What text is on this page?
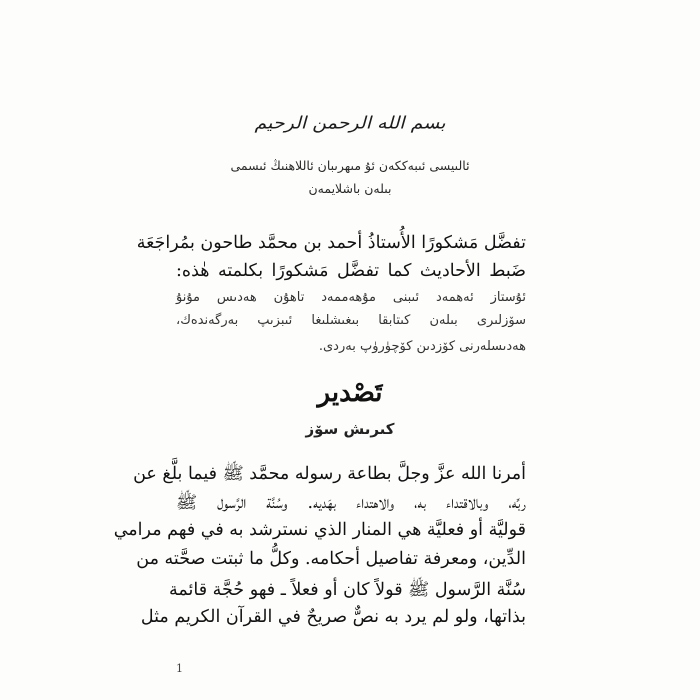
بسم الله الرحمن الرحيم
ئالىيسى ئىبەككەن ئۇ مىھرىبان ئاللاھنىڭ ئىسمى
بىلەن باشلايمەن
تفضَّل مَشكورًا الأُستاذُ أحمد بن محمَّد طاحون بمُراجَعَة
ضَبط الأحاديث كما تفضَّل مَشكورًا بكلمته هٰذه:
ئۇستاز ئەھمەد ئىبنى مۇھەممەد تاھۇن ھەدىس مۇنۇ
سۆزلىرى بىلەن كىتابقا بىغىشلىغا ئىبزىپ بەرگەندەك،
ھەدىسلەرنى كۆزدىن كۆچۈرۈپ بەردى.
تَصْدير
كىرىش سۆز
أمرنا الله عزَّ وجلَّ بطاعة رسوله محمَّد ﷺ فيما بلَّغ عن
ربِّه، وبالاقتداء به، والاهتداء بهَديه. وسُنَّة الرَّسول ﷺ
قوليَّة أو فعليَّة هي المنار الذي نسترشد به في فهم مرامي
الدِّين، ومعرفة تفاصيل أحكامه. وكلُّ ما ثبتت صحَّته من
سُنَّة الرَّسول ﷺ قولاً كان أو فعلاً ـ فهو حُجَّة قائمة
بذاتها، ولو لم يرد به نصٌّ صريحٌ في القرآن الكريم مثل
1
